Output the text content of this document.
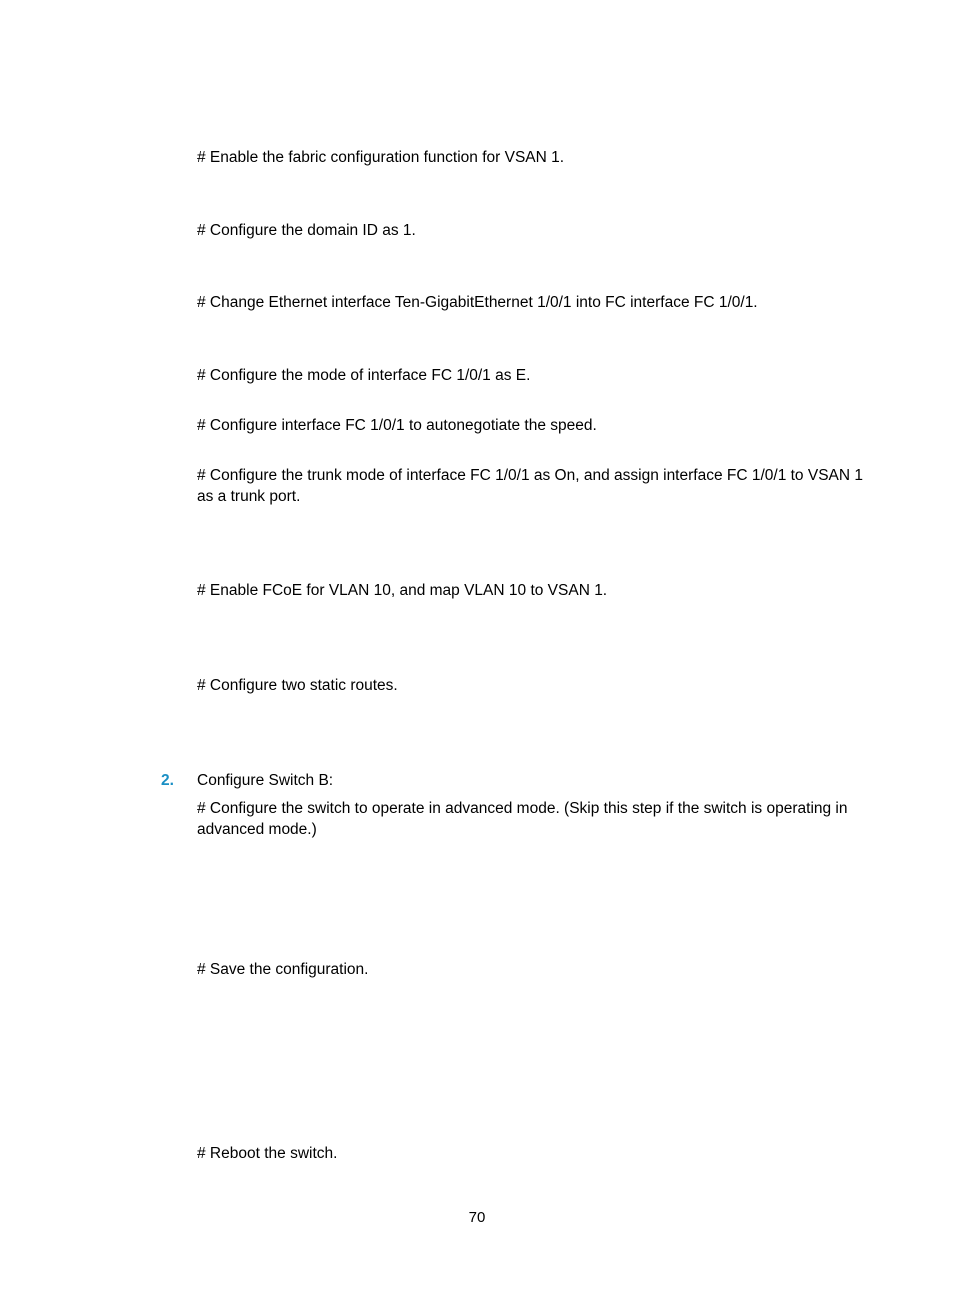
# Enable the fabric configuration function for VSAN 1.

# Configure the domain ID as 1.

# Change Ethernet interface Ten-GigabitEthernet 1/0/1 into FC interface FC 1/0/1.

# Configure the mode of interface FC 1/0/1 as E.

# Configure interface FC 1/0/1 to autonegotiate the speed.

# Configure the trunk mode of interface FC 1/0/1 as On, and assign interface FC 1/0/1 to VSAN 1 as a trunk port.

# Enable FCoE for VLAN 10, and map VLAN 10 to VSAN 1.

# Configure two static routes.

2. Configure Switch B:

# Configure the switch to operate in advanced mode. (Skip this step if the switch is operating in advanced mode.)

# Save the configuration.

# Reboot the switch.

70
